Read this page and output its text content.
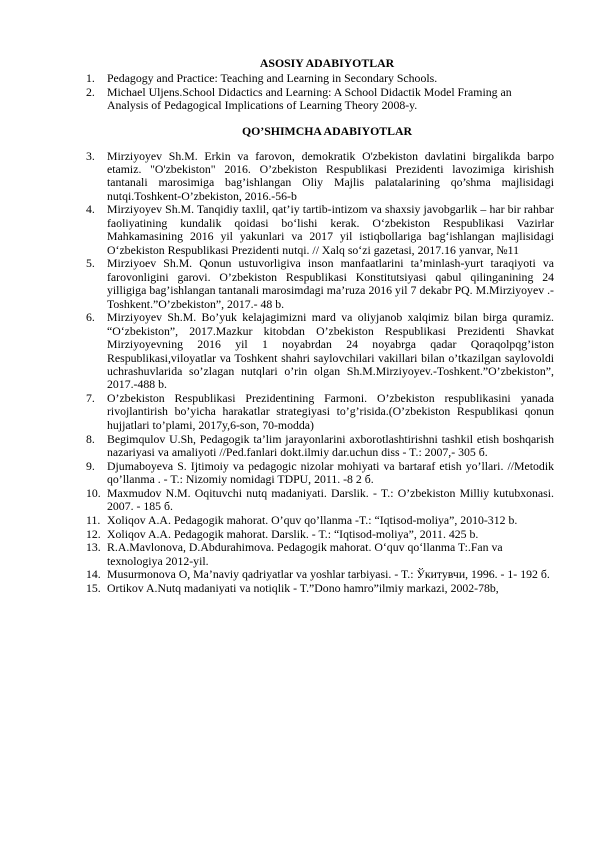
ASOSIY ADABIYOTLAR
1. Pedagogy and Practice: Teaching and Learning in Secondary Schools.
2. Michael Uljens.School Didactics and Learning: A School Didactik Model Framing an Analysis of Pedagogical Implications of Learning Theory 2008-y.
QO’SHIMCHA ADABIYOTLAR
3. Mirziyoyev Sh.M. Erkin va farovon, demokratik O'zbekiston davlatini birgalikda barpo etamiz. "O'zbekiston" 2016. O’zbekiston Respublikasi Prezidenti lavozimiga kirishish tantanali marosimiga bag’ishlangan Oliy Majlis palatalarining qo’shma majlisidagi nutqi.Toshkent-O’zbekiston, 2016.-56-b
4. Mirziyoyev Sh.M. Tanqidiy taxlil, qat’iy tartib-intizom va shaxsiy javobgarlik – har bir rahbar faoliyatining kundalik qoidasi bo‘lishi kerak. O‘zbekiston Respublikasi Vazirlar Mahkamasining 2016 yil yakunlari va 2017 yil istiqbollariga bag‘ishlangan majlisidagi O‘zbekiston Respublikasi Prezidenti nutqi. // Xalq so‘zi gazetasi, 2017.16 yanvar, №11
5. Mirziyoev Sh.M. Qonun ustuvorligiva inson manfaatlarini ta’minlash-yurt taraqiyoti va farovonligini garovi. O’zbekiston Respublikasi Konstitutsiyasi qabul qilinganining 24 yilligiga bag’ishlangan tantanali marosimdagi ma’ruza 2016 yil 7 dekabr PQ. M.Mirziyoyev .-Toshkent.”O’zbekiston”, 2017.- 48 b.
6. Mirziyoyev Sh.M. Bo’yuk kelajagimizni mard va oliyjanob xalqimiz bilan birga quramiz. “O‘zbekiston”, 2017.Mazkur kitobdan O’zbekiston Respublikasi Prezidenti Shavkat Mirziyoyevning 2016 yil 1 noyabrdan 24 noyabrga qadar Qoraqolpqg’iston Respublikasi,viloyatlar va Toshkent shahri saylovchilari vakillari bilan o’tkazilgan saylovoldi uchrashuvlarida so’zlagan nutqlari o’rin olgan Sh.M.Mirziyoyev.-Toshkent.”O’zbekiston”, 2017.-488 b.
7. O’zbekiston Respublikasi Prezidentining Farmoni. O’zbekiston respublikasini yanada rivojlantirish bo’yicha harakatlar strategiyasi to’g’risida.(O’zbekiston Respublikasi qonun hujjatlari to’plami, 2017y,6-son, 70-modda)
8. Begimqulov U.Sh, Pedagogik ta’lim jarayonlarini axborotlashtirishni tashkil etish boshqarish nazariyasi va amaliyoti //Ped.fanlari dokt.ilmiy dar.uchun diss - T.: 2007,- 305 б.
9. Djumaboyeva S. Ijtimoiy va pedagogic nizolar mohiyati va bartaraf etish yo’llari. //Metodik qo’llanma . - T.: Nizomiy nomidagi TDPU, 2011. -8 2 б.
10. Maxmudov N.M. Oqituvchi nutq madaniyati. Darslik. - T.: O’zbekiston Milliy kutubxonasi. 2007. - 185 б.
11. Xoliqov A.A. Pedagogik mahorat. O’quv qo’llanma -T.: “Iqtisod-moliya”, 2010-312 b.
12. Xoliqov A.A. Pedagogik mahorat. Darslik. - T.: “Iqtisod-moliya”, 2011. 425 b.
13. R.A.Mavlonova, D.Abdurahimova. Pedagogik mahorat. O‘quv qo‘llanma T:.Fan va texnologiya 2012-yil.
14. Musurmonova O, Ma’naviy qadriyatlar va yoshlar tarbiyasi. - T.: Ўкитувчи, 1996. - 1- 192 б.
15. Ortikov A.Nutq madaniyati va notiqlik - T.”Dono hamro”ilmiy markazi, 2002-78b,
